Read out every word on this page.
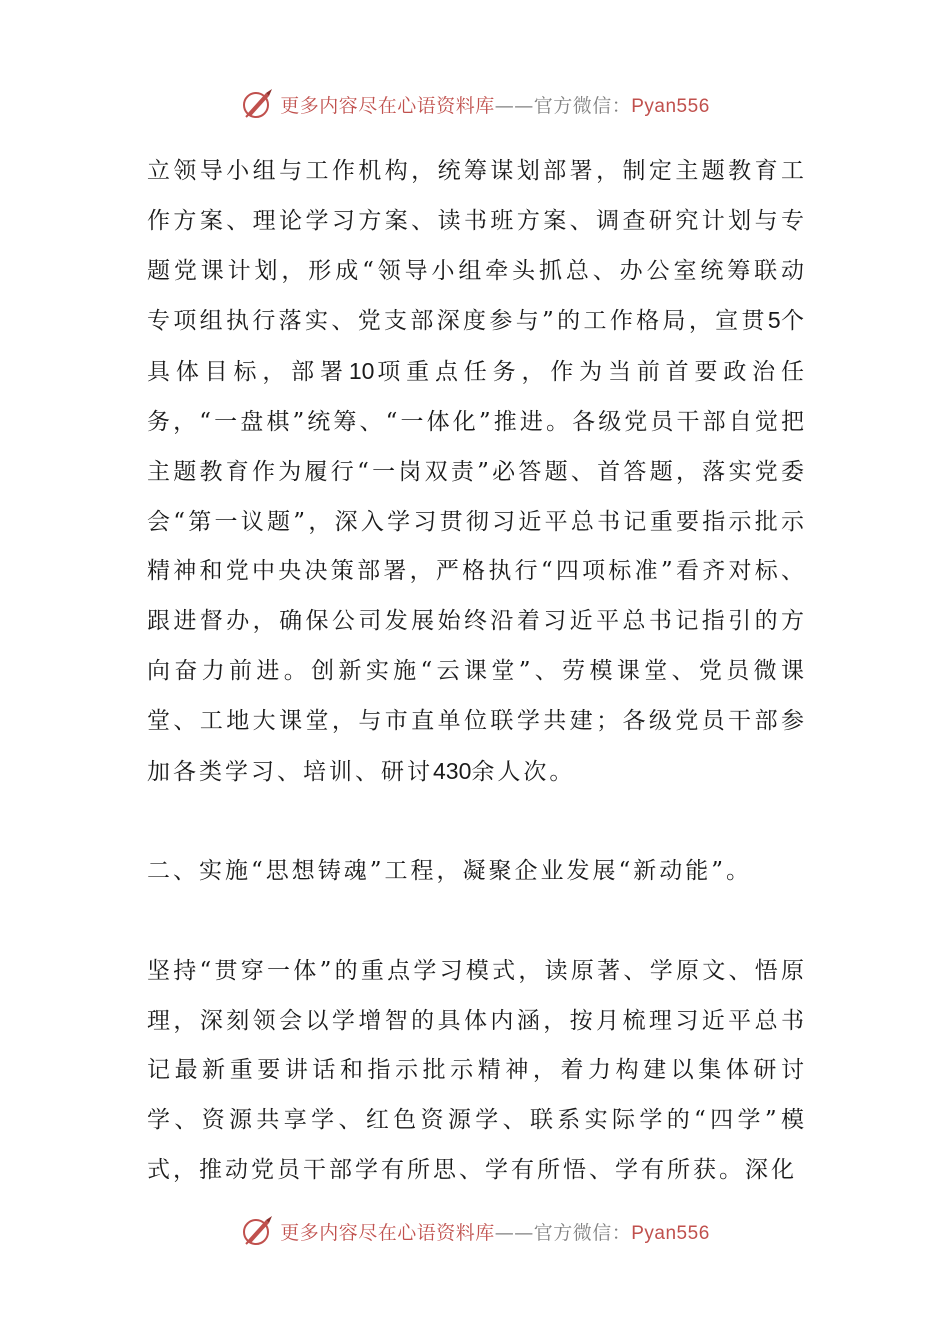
更多内容尽在心语资料库——官方微信：Pyan556

立领导小组与工作机构，统筹谋划部署，制定主题教育工作方案、理论学习方案、读书班方案、调查研究计划与专题党课计划，形成“领导小组牵头抓总、办公室统筹联动专项组执行落实、党支部深度参与”的工作格局，宣贯5个具体目标，部署10项重点任务，作为当前首要政治任务，“一盘棋”统筹、“一体化”推进。各级党员干部自觉把主题教育作为履行“一岗双责”必答题、首答题，落实党委会“第一议题”，深入学习贯彻习近平总书记重要指示批示精神和党中央决策部署，严格执行“四项标准”看齐对标、跟进督办，确保公司发展始终沿着习近平总书记指引的方向奋力前进。创新实施“云课堂”、劳模课堂、党员微课堂、工地大课堂，与市直单位联学共建；各级党员干部参加各类学习、培训、研讨430余人次。

二、实施“思想铸魂”工程，凝聚企业发展“新动能”。

坚持“贯穿一体”的重点学习模式，读原著、学原文、悟原理，深刻领会以学增智的具体内涵，按月梳理习近平总书记最新重要讲话和指示批示精神，着力构建以集体研讨学、资源共享学、红色资源学、联系实际学的“四学”模式，推动党员干部学有所思、学有所悟、学有所获。深化

更多内容尽在心语资料库——官方微信：Pyan556
